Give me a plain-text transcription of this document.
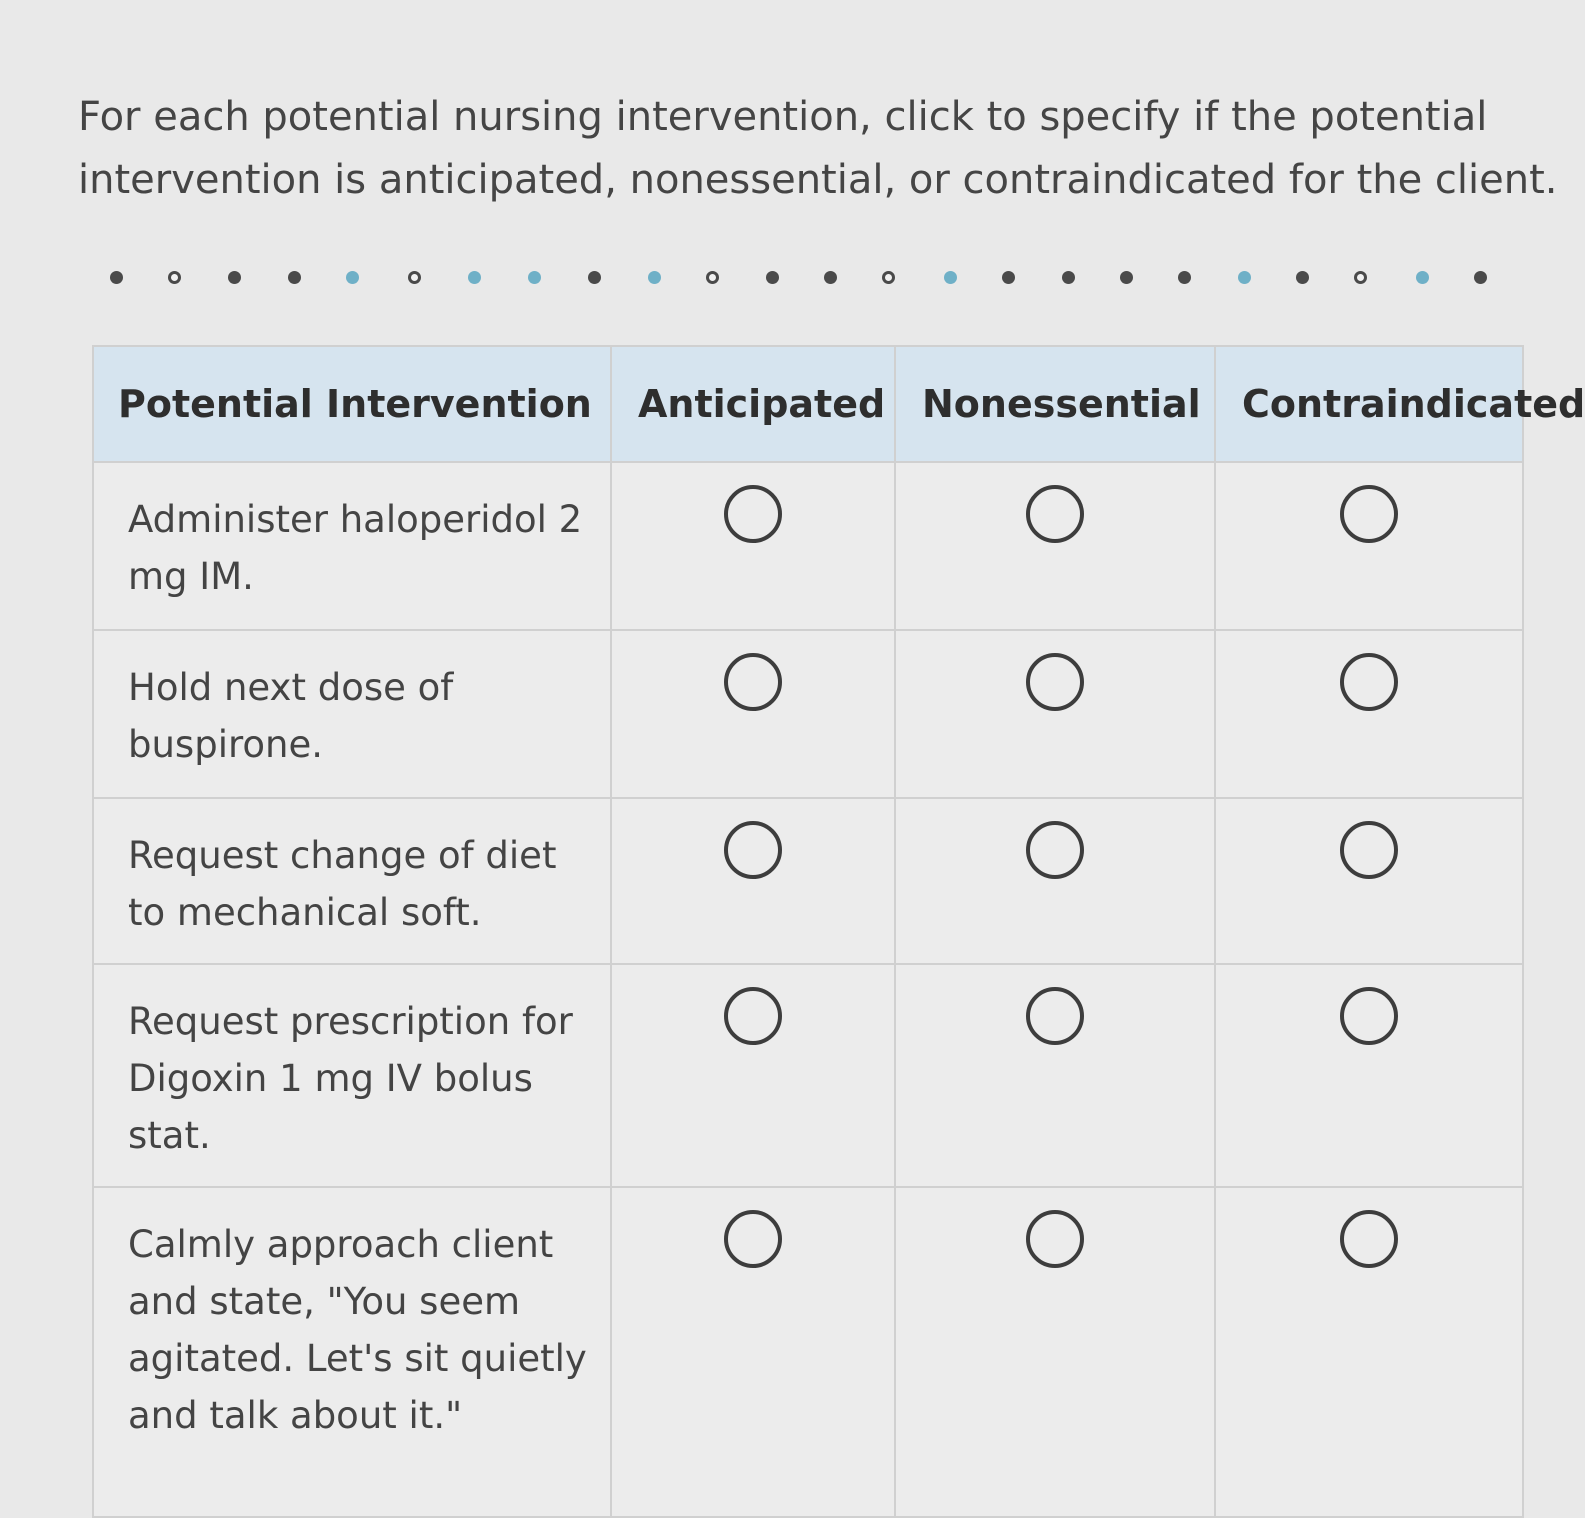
For each potential nursing intervention, click to specify if the potential
intervention is anticipated, nonessential, or contraindicated for the client.

Potential Intervention	Anticipated	Nonessential	Contraindicated
Administer haloperidol 2 mg IM.			
Hold next dose of buspirone.			
Request change of diet to mechanical soft.			
Request prescription for Digoxin 1 mg IV bolus stat.			
Calmly approach client and state, "You seem agitated. Let's sit quietly and talk about it."			
